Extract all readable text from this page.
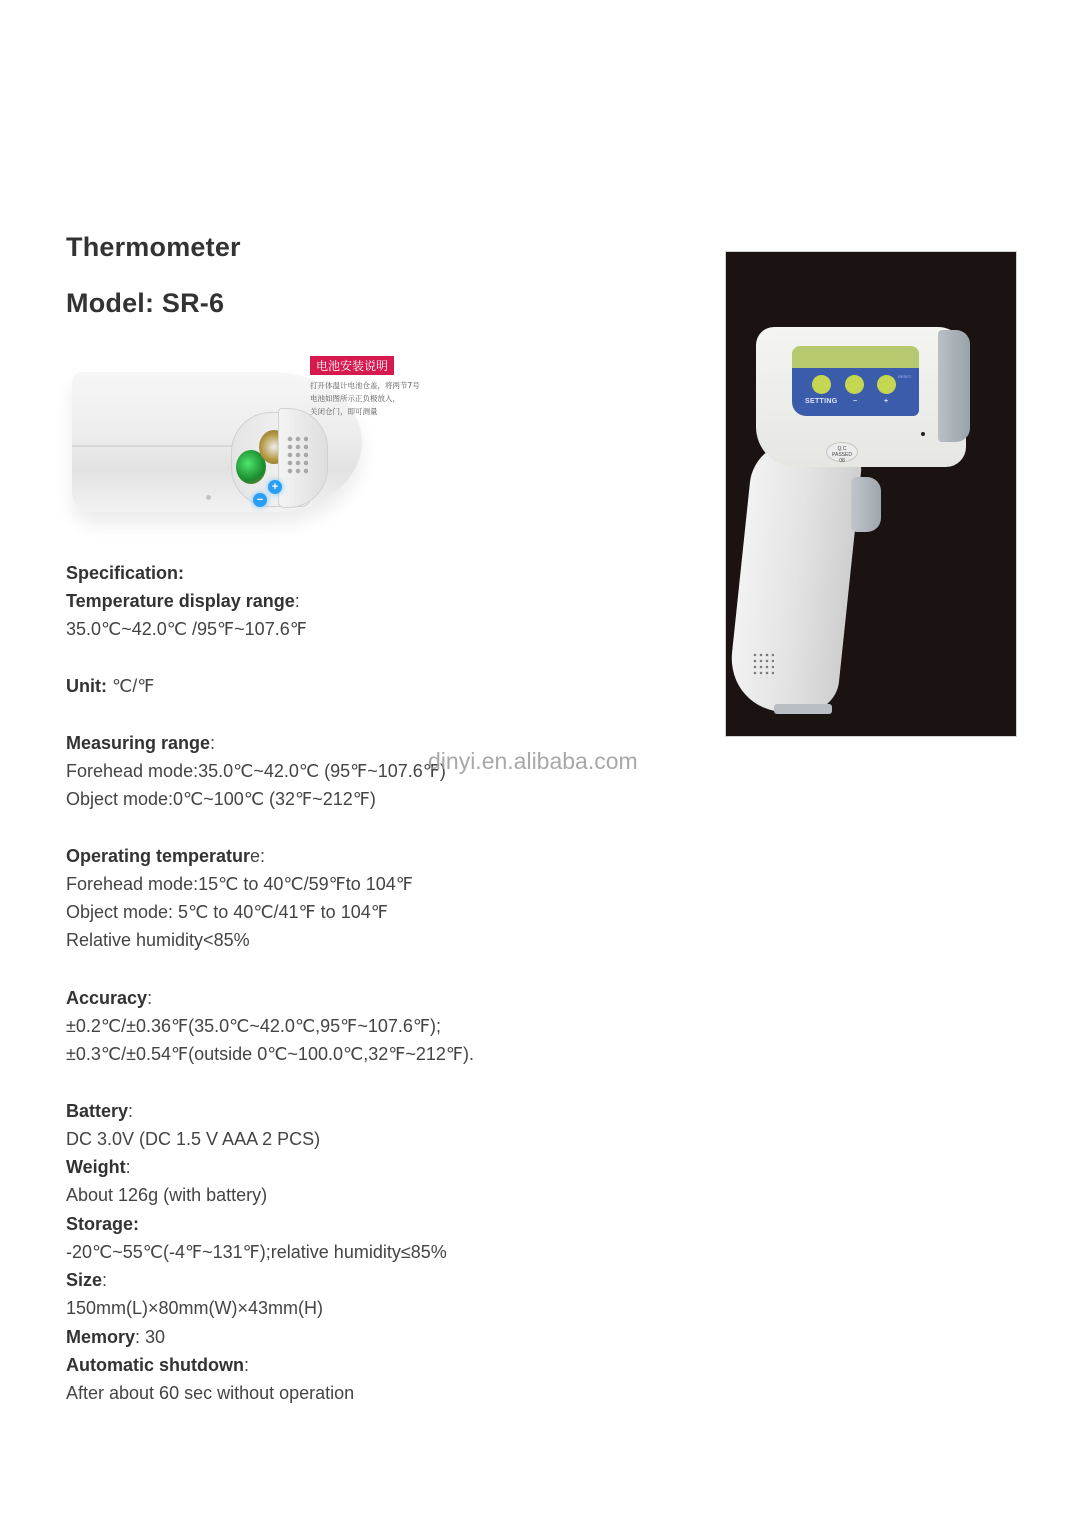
Thermometer
Model: SR-6
+
−
电池安装说明
打开体温计电池仓盖，将两节7号
电池如图所示正负极放入，
关闭仓门，即可测量
Specification:
Temperature display range:
35.0℃~42.0℃ /95℉~107.6℉
Unit: ℃/℉
Measuring range:
Forehead mode:35.0℃~42.0℃ (95℉~107.6℉)
Object mode:0℃~100℃ (32℉~212℉)
Operating temperature:
Forehead mode:15℃ to 40℃/59℉to 104℉
Object mode: 5℃ to 40℃/41℉ to 104℉
Relative humidity<85%
Accuracy:
±0.2℃/±0.36℉(35.0℃~42.0℃,95℉~107.6℉);
±0.3℃/±0.54℉(outside 0℃~100.0℃,32℉~212℉).
Battery:
DC 3.0V (DC 1.5 V AAA 2 PCS)
Weight:
About 126g (with battery)
Storage:
-20℃~55℃(-4℉~131℉);relative humidity≤85%
Size:
150mm(L)×80mm(W)×43mm(H)
Memory: 30
Automatic shutdown:
After about 60 sec without operation
dinyi.en.alibaba.com
SETTING −	+
RESET
Q.C
PASSED
08
